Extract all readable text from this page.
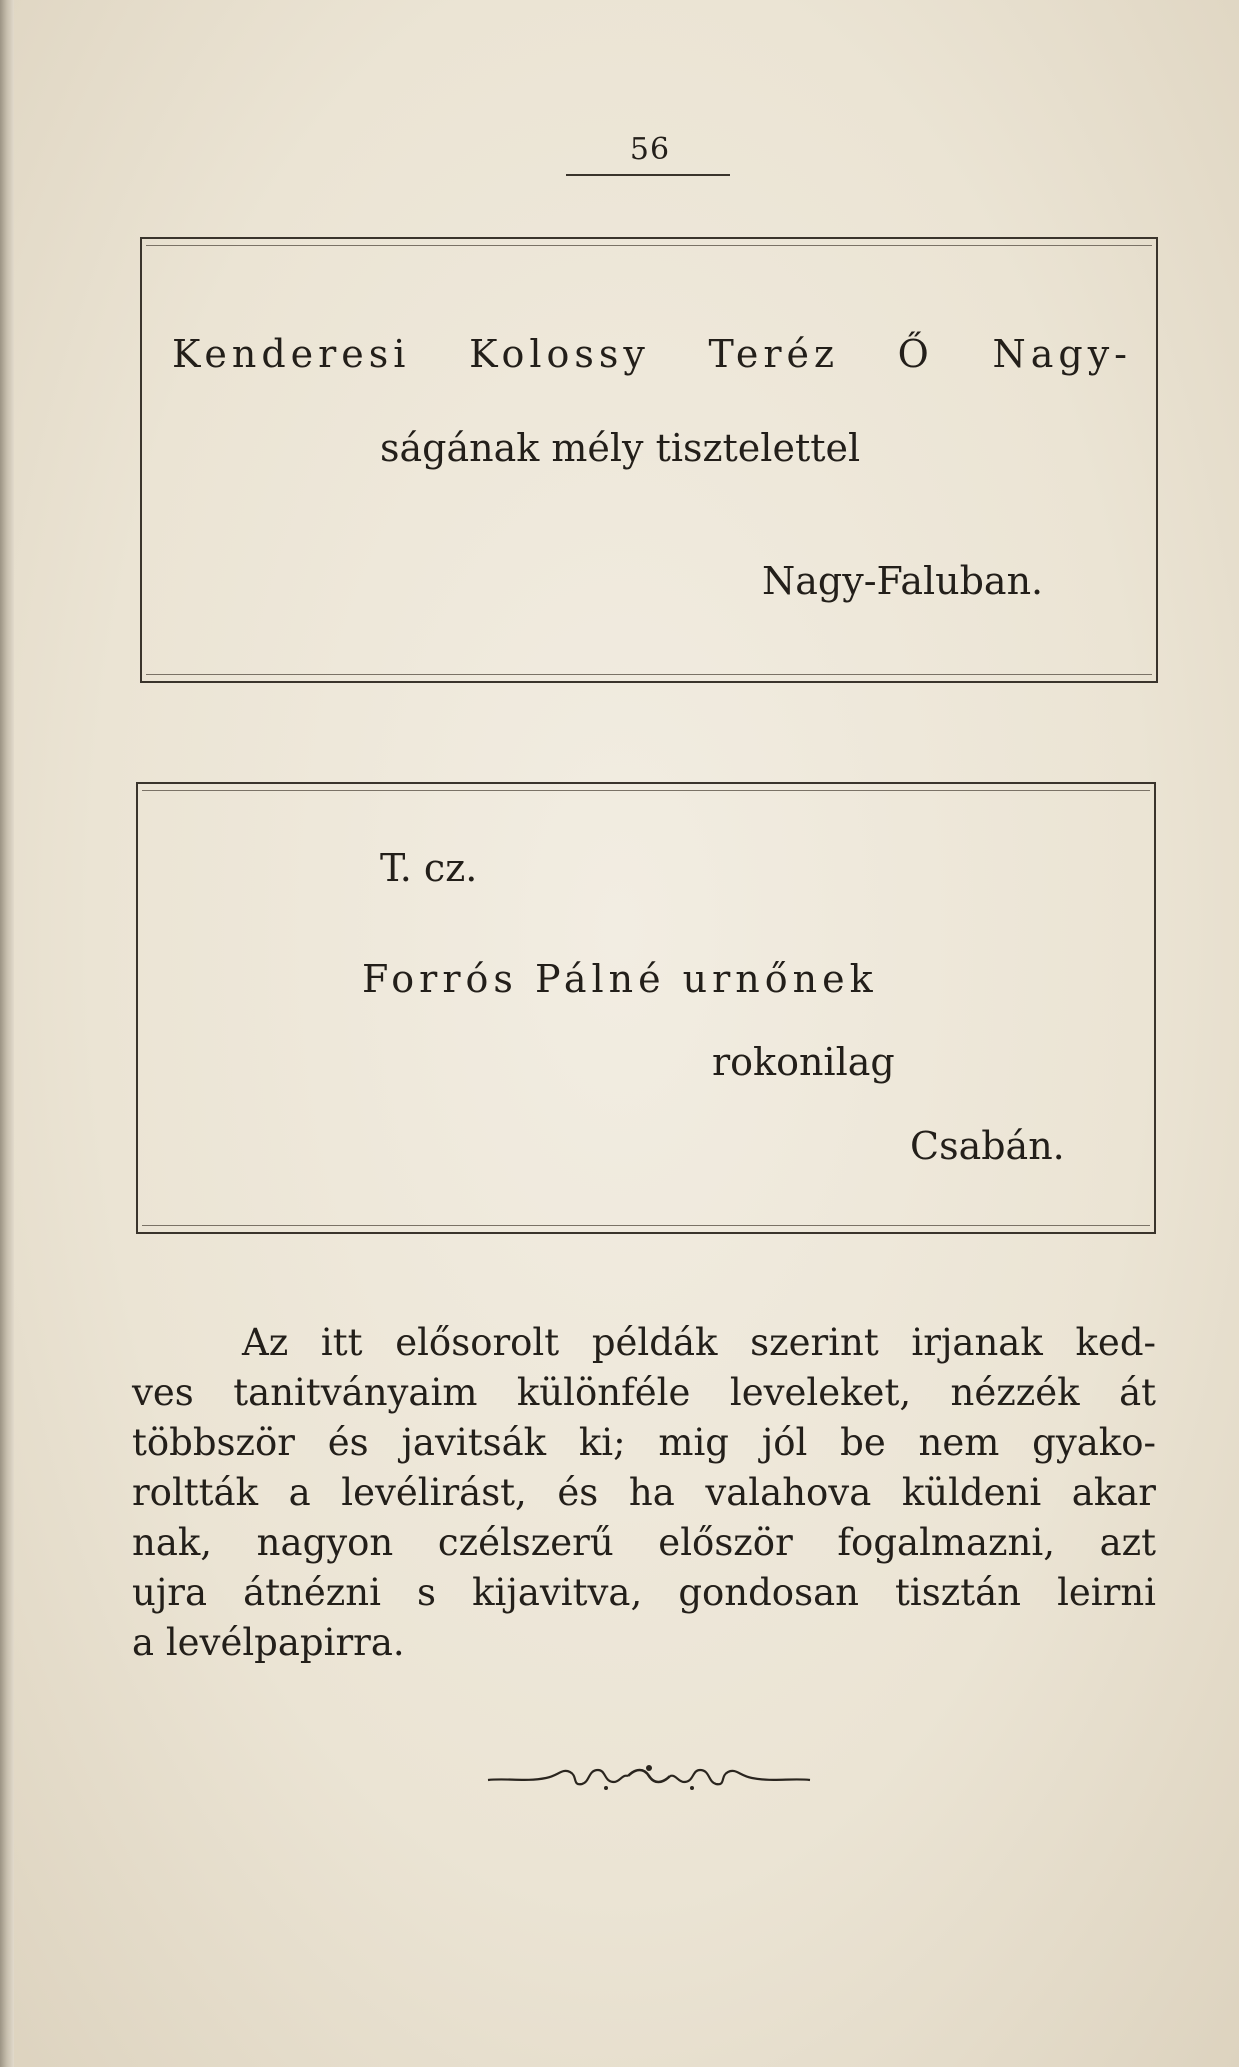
56
Kenderesi Kolossy Teréz Ő Nagy-
ságának mély tisztelettel
Nagy-Faluban.
T. cz.
Forrós Pálné urnőnek
rokonilag
Csabán.
Az itt elősorolt példák szerint irjanak ked-
ves tanitványaim különféle leveleket, nézzék át
többször és javitsák ki; mig jól be nem gyako-
roltták a levélirást, és ha valahova küldeni akar
nak, nagyon czélszerű először fogalmazni, azt
ujra átnézni s kijavitva, gondosan tisztán leirni
a levélpapirra.
